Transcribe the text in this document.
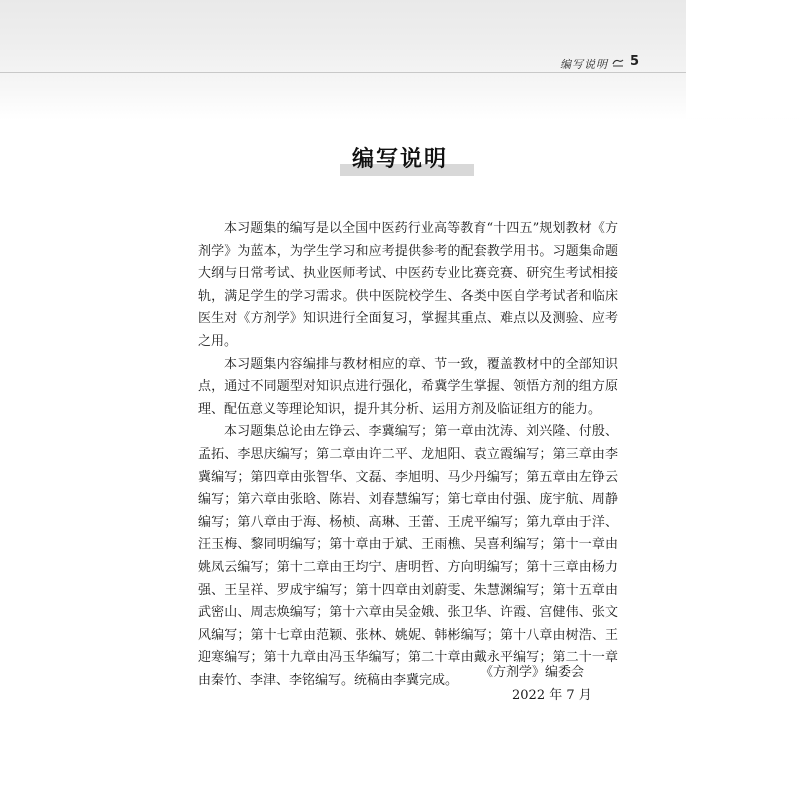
编写说明 5
编写说明

本习题集的编写是以全国中医药行业高等教育“十四五”规划教材《方剂学》为蓝本，为学生学习和应考提供参考的配套教学用书。习题集命题大纲与日常考试、执业医师考试、中医药专业比赛竞赛、研究生考试相接轨，满足学生的学习需求。供中医院校学生、各类中医自学考试者和临床医生对《方剂学》知识进行全面复习，掌握其重点、难点以及测验、应考之用。

本习题集内容编排与教材相应的章、节一致，覆盖教材中的全部知识点，通过不同题型对知识点进行强化，希冀学生掌握、领悟方剂的组方原理、配伍意义等理论知识，提升其分析、运用方剂及临证组方的能力。

本习题集总论由左铮云、李冀编写；第一章由沈涛、刘兴隆、付殷、孟拓、李思庆编写；第二章由许二平、龙旭阳、袁立霞编写；第三章由李冀编写；第四章由张智华、文磊、李旭明、马少丹编写；第五章由左铮云编写；第六章由张晗、陈岩、刘春慧编写；第七章由付强、庞宇航、周静编写；第八章由于海、杨桢、高琳、王蕾、王虎平编写；第九章由于洋、汪玉梅、黎同明编写；第十章由于斌、王雨樵、吴喜利编写；第十一章由姚凤云编写；第十二章由王均宁、唐明哲、方向明编写；第十三章由杨力强、王呈祥、罗成宇编写；第十四章由刘蔚雯、朱慧渊编写；第十五章由武密山、周志焕编写；第十六章由吴金娥、张卫华、许霞、宫健伟、张文风编写；第十七章由范颖、张林、姚妮、韩彬编写；第十八章由树浩、王迎寒编写；第十九章由冯玉华编写；第二十章由戴永平编写；第二十一章由秦竹、李津、李铭编写。统稿由李冀完成。

《方剂学》编委会
2022 年 7 月
